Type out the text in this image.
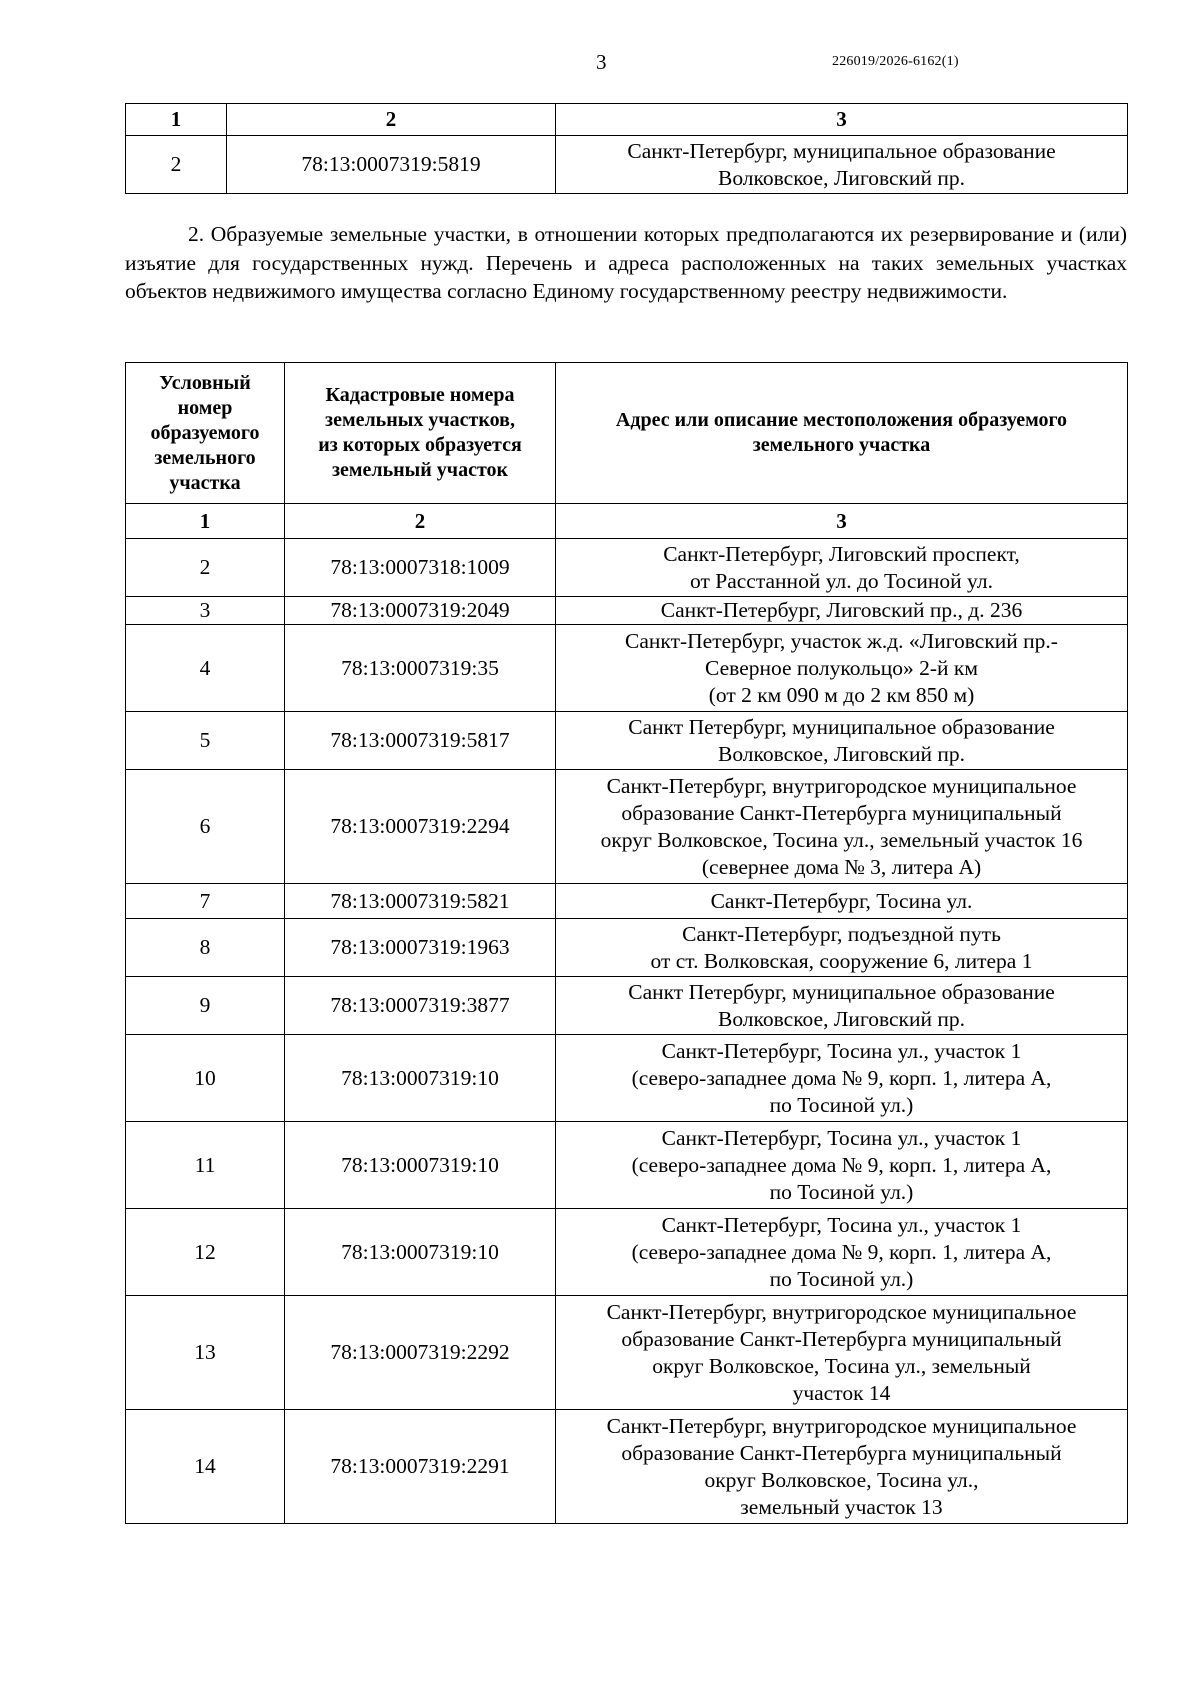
3	226019/2026-6162(1)
1	2	3
2	78:13:0007319:5819	Санкт-Петербург, муниципальное образование
Волковское, Лиговский пр.
2. Образуемые земельные участки, в отношении которых предполагаются их резервирование и (или) изъятие для государственных нужд. Перечень и адреса расположенных на таких земельных участках объектов недвижимого имущества согласно Единому государственному реестру недвижимости.
Условный
номер
образуемого
земельного
участка	Кадастровые номера
земельных участков,
из которых образуется
земельный участок	Адрес или описание местоположения образуемого
земельного участка
1	2	3
2	78:13:0007318:1009	Санкт-Петербург, Лиговский проспект,
от Расстанной ул. до Тосиной ул.
3	78:13:0007319:2049	Санкт-Петербург, Лиговский пр., д. 236
4	78:13:0007319:35	Санкт-Петербург, участок ж.д. «Лиговский пр.-
Северное полукольцо» 2-й км
(от 2 км 090 м до 2 км 850 м)
5	78:13:0007319:5817	Санкт Петербург, муниципальное образование
Волковское, Лиговский пр.
6	78:13:0007319:2294	Санкт-Петербург, внутригородское муниципальное
образование Санкт-Петербурга муниципальный
округ Волковское, Тосина ул., земельный участок 16
(севернее дома № 3, литера А)
7	78:13:0007319:5821	Санкт-Петербург, Тосина ул.
8	78:13:0007319:1963	Санкт-Петербург, подъездной путь
от ст. Волковская, сооружение 6, литера 1
9	78:13:0007319:3877	Санкт Петербург, муниципальное образование
Волковское, Лиговский пр.
10	78:13:0007319:10	Санкт-Петербург, Тосина ул., участок 1
(северо-западнее дома № 9, корп. 1, литера А,
по Тосиной ул.)
11	78:13:0007319:10	Санкт-Петербург, Тосина ул., участок 1
(северо-западнее дома № 9, корп. 1, литера А,
по Тосиной ул.)
12	78:13:0007319:10	Санкт-Петербург, Тосина ул., участок 1
(северо-западнее дома № 9, корп. 1, литера А,
по Тосиной ул.)
13	78:13:0007319:2292	Санкт-Петербург, внутригородское муниципальное
образование Санкт-Петербурга муниципальный
округ Волковское, Тосина ул., земельный
участок 14
14	78:13:0007319:2291	Санкт-Петербург, внутригородское муниципальное
образование Санкт-Петербурга муниципальный
округ Волковское, Тосина ул.,
земельный участок 13
